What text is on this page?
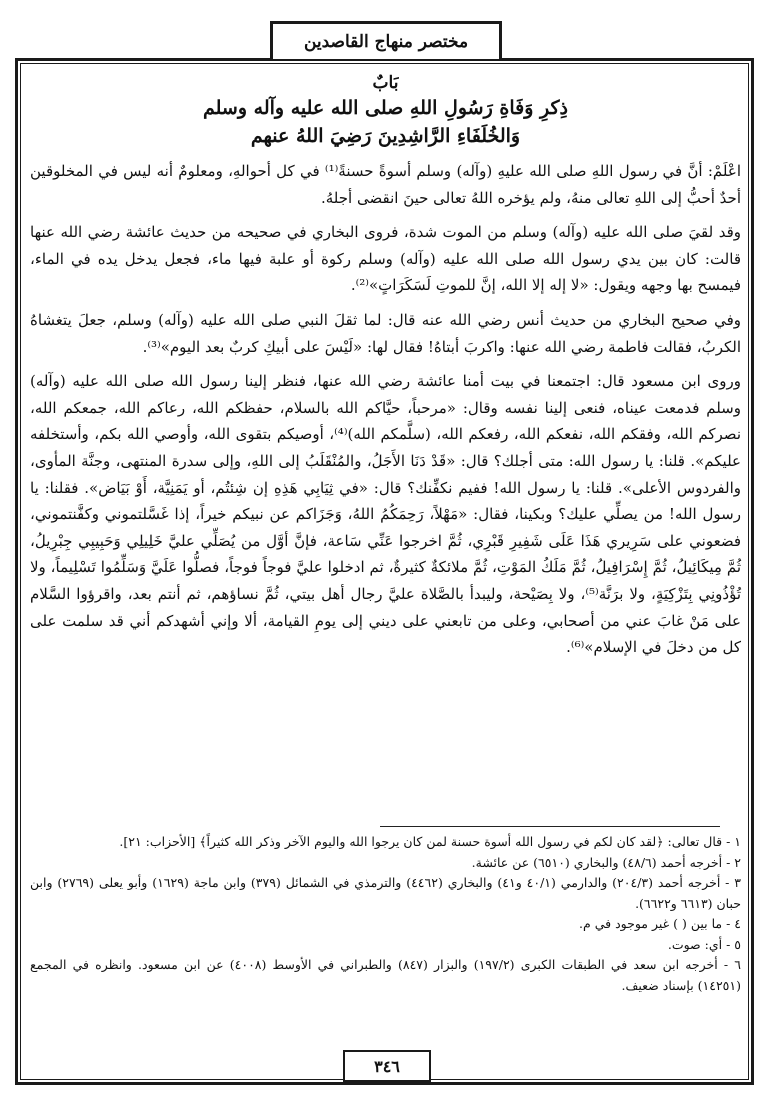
مختصر منهاج القاصدين
بَابٌ
ذِكرِ وَفَاةِ رَسُولِ اللهِ صلى الله عليه وآله وسلم
وَالخُلَفَاءِ الرَّاشِدِينَ رَضِيَ اللهُ عنهم

اعْلَمْ: أنَّ في رسول اللهِ صلى الله عليهِ (وآله) وسلم أسوةً حسنةً⁽¹⁾ في كل أحوالهِ، ومعلومٌ أنه ليس في المخلوقين أحدٌ أحبُّ إلى اللهِ تعالى منهُ، ولم يؤخره اللهُ تعالى حينَ انقضى أجلهُ.

وقد لقيَ صلى الله عليه (وآله) وسلم من الموت شدة، فروى البخاري في صحيحه من حديث عائشة رضي الله عنها قالت: كان بين يدي رسول الله صلى الله عليه (وآله) وسلم ركوة أو علبة فيها ماء، فجعل يدخل يده في الماء، فيمسح بها وجهه ويقول: «لا إله إلا الله، إنَّ للموتِ لَسَكَرَاتٍ»⁽²⁾.

وفي صحيح البخاري من حديث أنس رضي الله عنه قال: لما ثقلَ النبي صلى الله عليه (وآله) وسلم، جعلَ يتغشاهُ الكربُ، فقالت فاطمة رضي الله عنها: واكربَ أبتاهُ! فقال لها: «لَيْسَ على أبيكِ كربٌ بعد اليوم»⁽³⁾.

وروى ابن مسعود قال: اجتمعنا في بيت أمنا عائشة رضي الله عنها، فنظر إلينا رسول الله صلى الله عليه (وآله) وسلم فدمعت عيناه، فنعى إلينا نفسه وقال: «مرحباً، حيَّاكم الله بالسلام، حفظكم الله، رعاكم الله، جمعكم الله، نصركم الله، وفقكم الله، نفعكم الله، رفعكم الله، (سلَّمكم الله)⁽⁴⁾، أوصيكم بتقوى الله، وأوصي الله بكم، وأستخلفه عليكم». قلنا: يا رسول الله: متى أجلك؟ قال: «قَدْ دَنَا الأَجَلُ، والمُنْقَلَبُ إلى اللهِ، وإلى سدرة المنتهى، وجنَّة المأوى، والفردوس الأعلى». قلنا: يا رسول الله! ففيم نكفِّنك؟ قال: «في ثِيَابِي هَذِهِ إن شِئتُم، أو يَمَنِيَّة، أَوْ بَيَاض». فقلنا: يا رسول الله! من يصلِّي عليك؟ وبكينا، فقال: «مَهْلاً، رَحِمَكُمُ اللهُ، وَجَزَاكم عن نبيكم خيراً، إذا غَسَّلتموني وكفَّنتموني، فضعوني على سَرِيري هَذَا عَلَى شَفِيرِ قَبْرِي، ثُمَّ اخرجوا عَنِّي سَاعة، فإنَّ أوَّل من يُصَلِّي عليَّ خَلِيلِي وَحَبِيبِي جِبْرِيلُ، ثُمَّ مِيكَائِيلُ، ثُمَّ إِسْرَافِيلُ، ثُمَّ مَلَكُ المَوْتِ، ثُمَّ ملائكةٌ كثيرةٌ، ثم ادخلوا عليَّ فوجاً فوجاً، فصلُّوا عَلَيَّ وَسَلِّمُوا تَسْلِيماً، ولا تُؤْذُونِي بِتَزْكِيَةٍ، ولا برَنَّة⁽⁵⁾، ولا بِصَيْحة، وليبدأ بالصَّلاة عليَّ رجال أهل بيتي، ثُمَّ نساؤهم، ثم أنتم بعد، واقرؤوا السَّلام على مَنْ غابَ عني من أصحابي، وعلى من تابعني على ديني إلى يومِ القيامة، ألا وإني أشهدكم أني قد سلمت على كل من دخلَ في الإسلام»⁽⁶⁾.

١ - قال تعالى: ﴿لقد كان لكم في رسول الله أسوة حسنة لمن كان يرجوا الله واليوم الآخر وذكر الله كثيراً﴾ [الأحزاب: ٢١].

٢ - أخرجه أحمد (٤٨/٦) والبخاري (٦٥١٠) عن عائشة.

٣ - أخرجه أحمد (٢٠٤/٣) والدارمي (٤٠/١ و٤١) والبخاري (٤٤٦٢) والترمذي في الشمائل (٣٧٩) وابن ماجة (١٦٢٩) وأبو يعلى (٢٧٦٩) وابن حبان (٦٦١٣ و٦٦٢٢).

٤ - ما بين ( ) غير موجود في م.

٥ - أي: صوت.

٦ - أخرجه ابن سعد في الطبقات الكبرى (١٩٧/٢) والبزار (٨٤٧) والطبراني في الأوسط (٤٠٠٨) عن ابن مسعود. وانظره في المجمع (١٤٢٥١) بإسناد ضعيف.

٣٤٦
